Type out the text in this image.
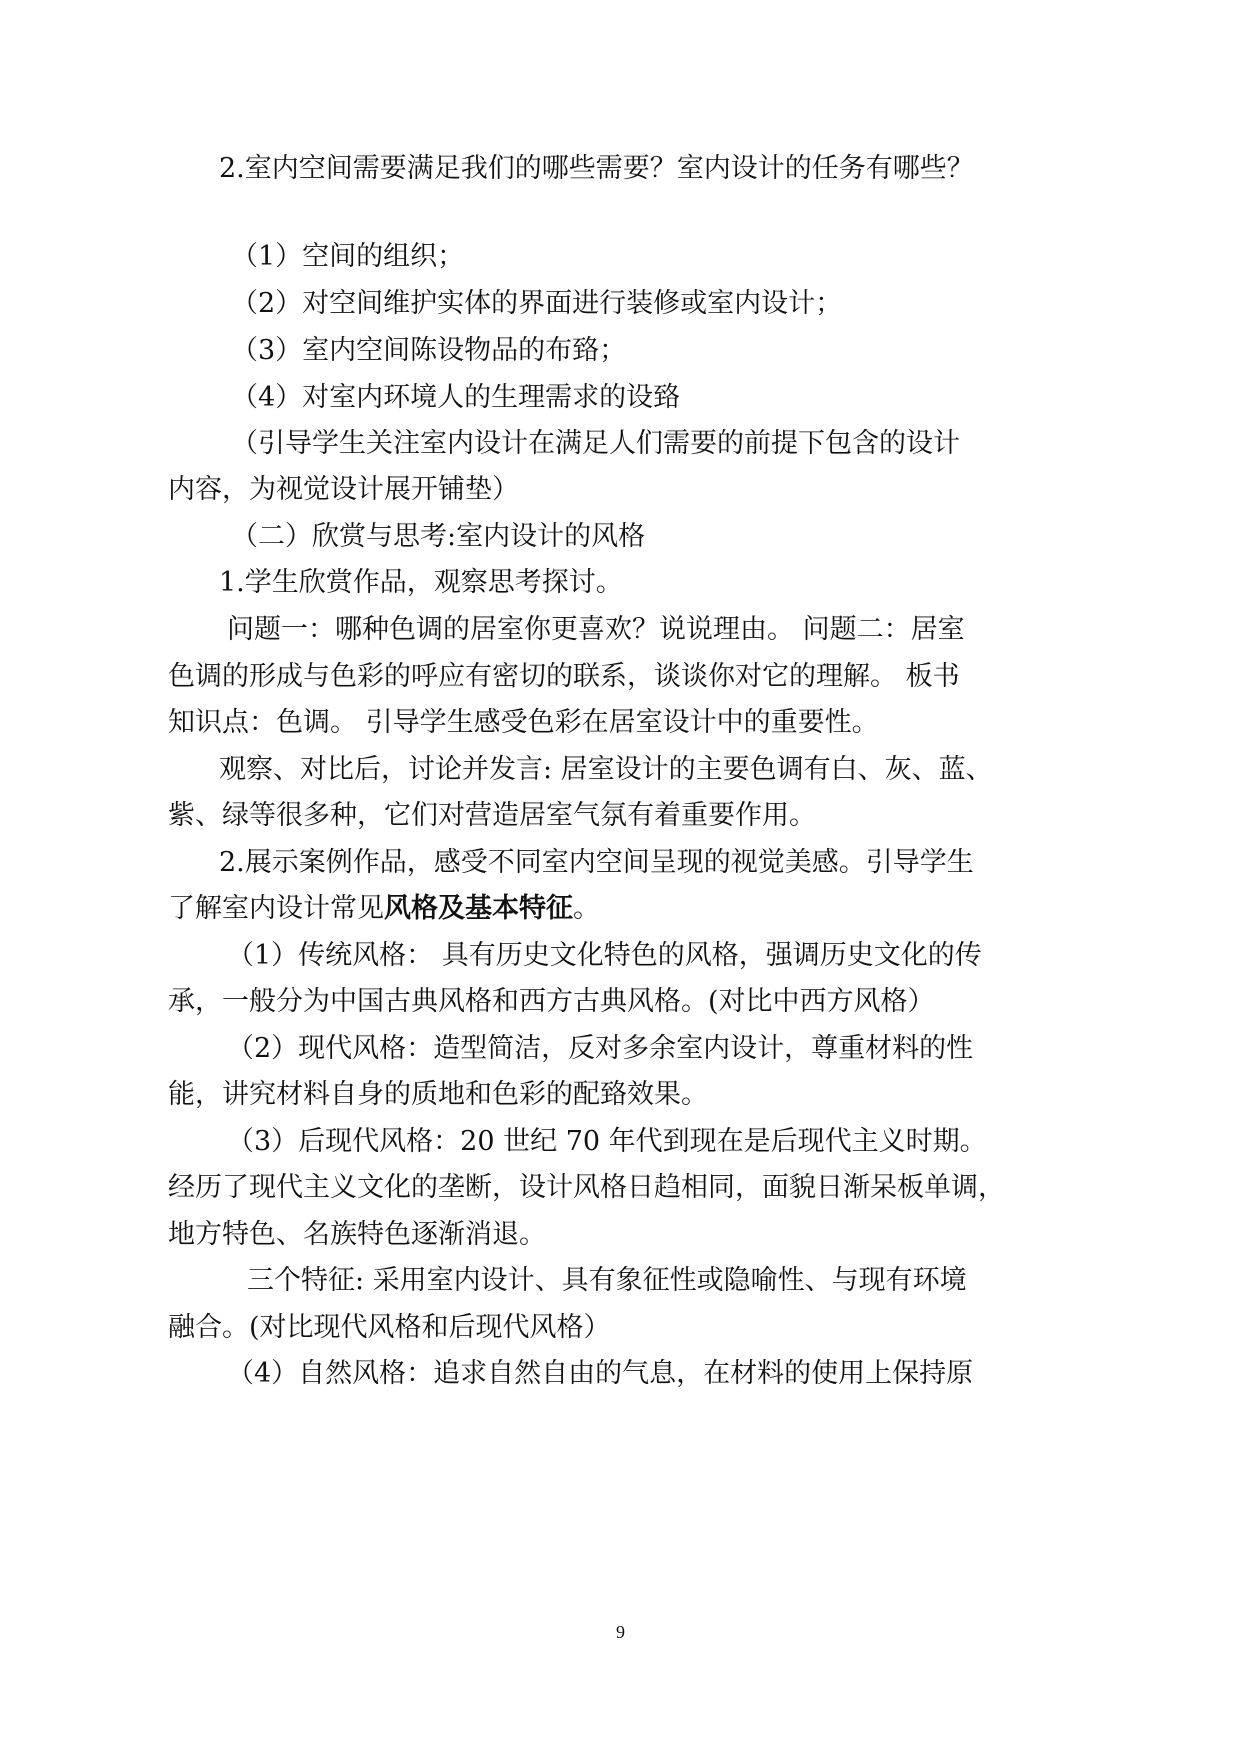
2.室内空间需要满足我们的哪些需要？室内设计的任务有哪些？
（1）空间的组织；
（2）对空间维护实体的界面进行装修或室内设计；
（3）室内空间陈设物品的布臵；
（4）对室内环境人的生理需求的设臵
（引导学生关注室内设计在满足人们需要的前提下包含的设计
内容，为视觉设计展开铺垫）
（二）欣赏与思考:室内设计的风格
1.学生欣赏作品，观察思考探讨。
问题一：哪种色调的居室你更喜欢？说说理由。 问题二：居室
色调的形成与色彩的呼应有密切的联系，谈谈你对它的理解。 板书
知识点：色调。 引导学生感受色彩在居室设计中的重要性。
观察、对比后，讨论并发言: 居室设计的主要色调有白、灰、蓝、
紫、绿等很多种，它们对营造居室气氛有着重要作用。
2.展示案例作品，感受不同室内空间呈现的视觉美感。引导学生
了解室内设计常见风格及基本特征。
（1）传统风格： 具有历史文化特色的风格，强调历史文化的传
承，一般分为中国古典风格和西方古典风格。(对比中西方风格）
（2）现代风格：造型简洁，反对多余室内设计，尊重材料的性
能，讲究材料自身的质地和色彩的配臵效果。
（3）后现代风格：20 世纪 70 年代到现在是后现代主义时期。
经历了现代主义文化的垄断，设计风格日趋相同，面貌日渐呆板单调，
地方特色、名族特色逐渐消退。
三个特征: 采用室内设计、具有象征性或隐喻性、与现有环境
融合。(对比现代风格和后现代风格）
（4）自然风格：追求自然自由的气息，在材料的使用上保持原
9
